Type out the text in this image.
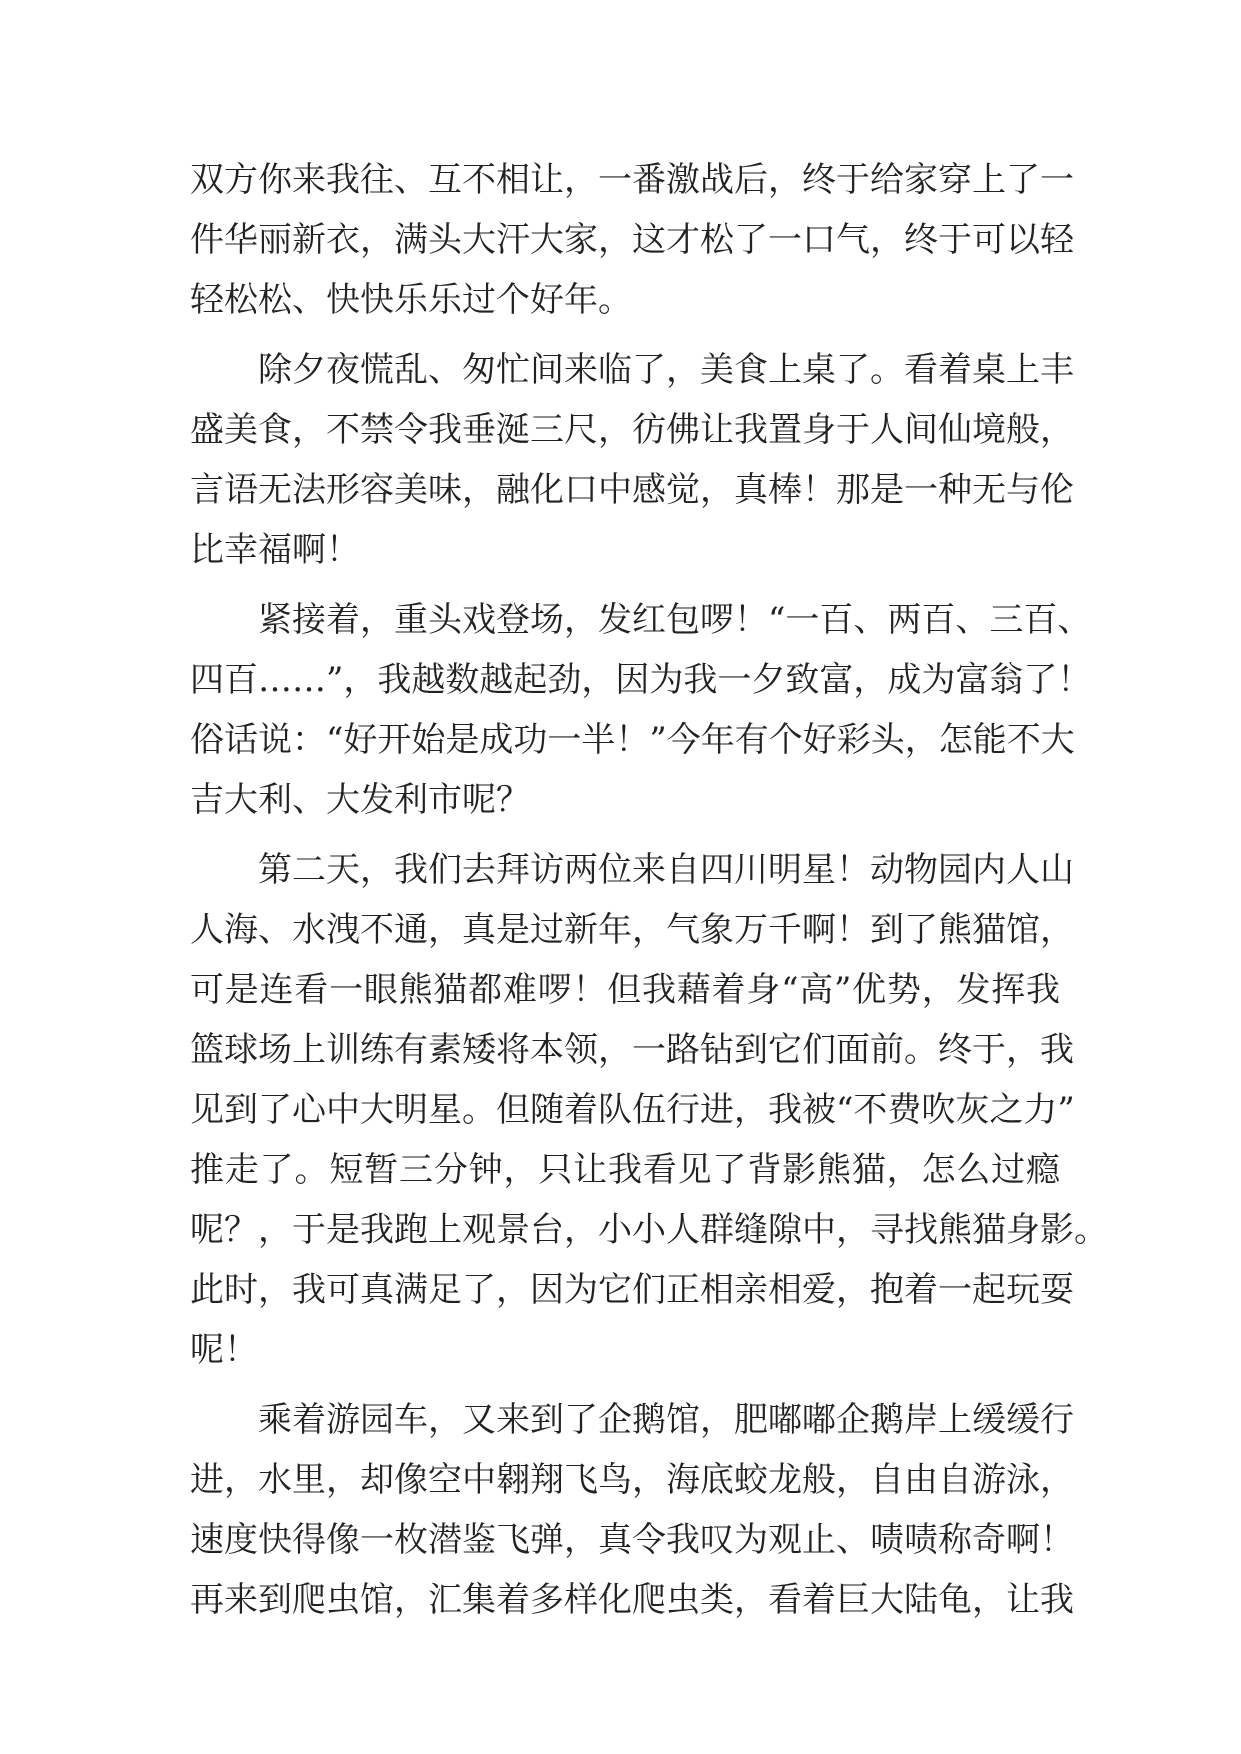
双方你来我往、互不相让，一番激战后，终于给家穿上了一
件华丽新衣，满头大汗大家，这才松了一口气，终于可以轻
轻松松、快快乐乐过个好年。
除夕夜慌乱、匆忙间来临了，美食上桌了。看着桌上丰
盛美食，不禁令我垂涎三尺，彷佛让我置身于人间仙境般，
言语无法形容美味，融化口中感觉，真棒！那是一种无与伦
比幸福啊！
紧接着，重头戏登场，发红包啰！“一百、两百、三百、
四百……”，我越数越起劲，因为我一夕致富，成为富翁了！
俗话说：“好开始是成功一半！”今年有个好彩头，怎能不大
吉大利、大发利市呢？
第二天，我们去拜访两位来自四川明星！动物园内人山
人海、水洩不通，真是过新年，气象万千啊！到了熊猫馆，
可是连看一眼熊猫都难啰！但我藉着身“高”优势，发挥我
篮球场上训练有素矮将本领，一路钻到它们面前。终于，我
见到了心中大明星。但随着队伍行进，我被“不费吹灰之力”
推走了。短暂三分钟，只让我看见了背影熊猫，怎么过瘾
呢？，于是我跑上观景台，小小人群缝隙中，寻找熊猫身影。
此时，我可真满足了，因为它们正相亲相爱，抱着一起玩耍
呢！
乘着游园车，又来到了企鹅馆，肥嘟嘟企鹅岸上缓缓行
进，水里，却像空中翱翔飞鸟，海底蛟龙般，自由自游泳，
速度快得像一枚潜鉴飞弹，真令我叹为观止、啧啧称奇啊！
再来到爬虫馆，汇集着多样化爬虫类，看着巨大陆龟，让我
